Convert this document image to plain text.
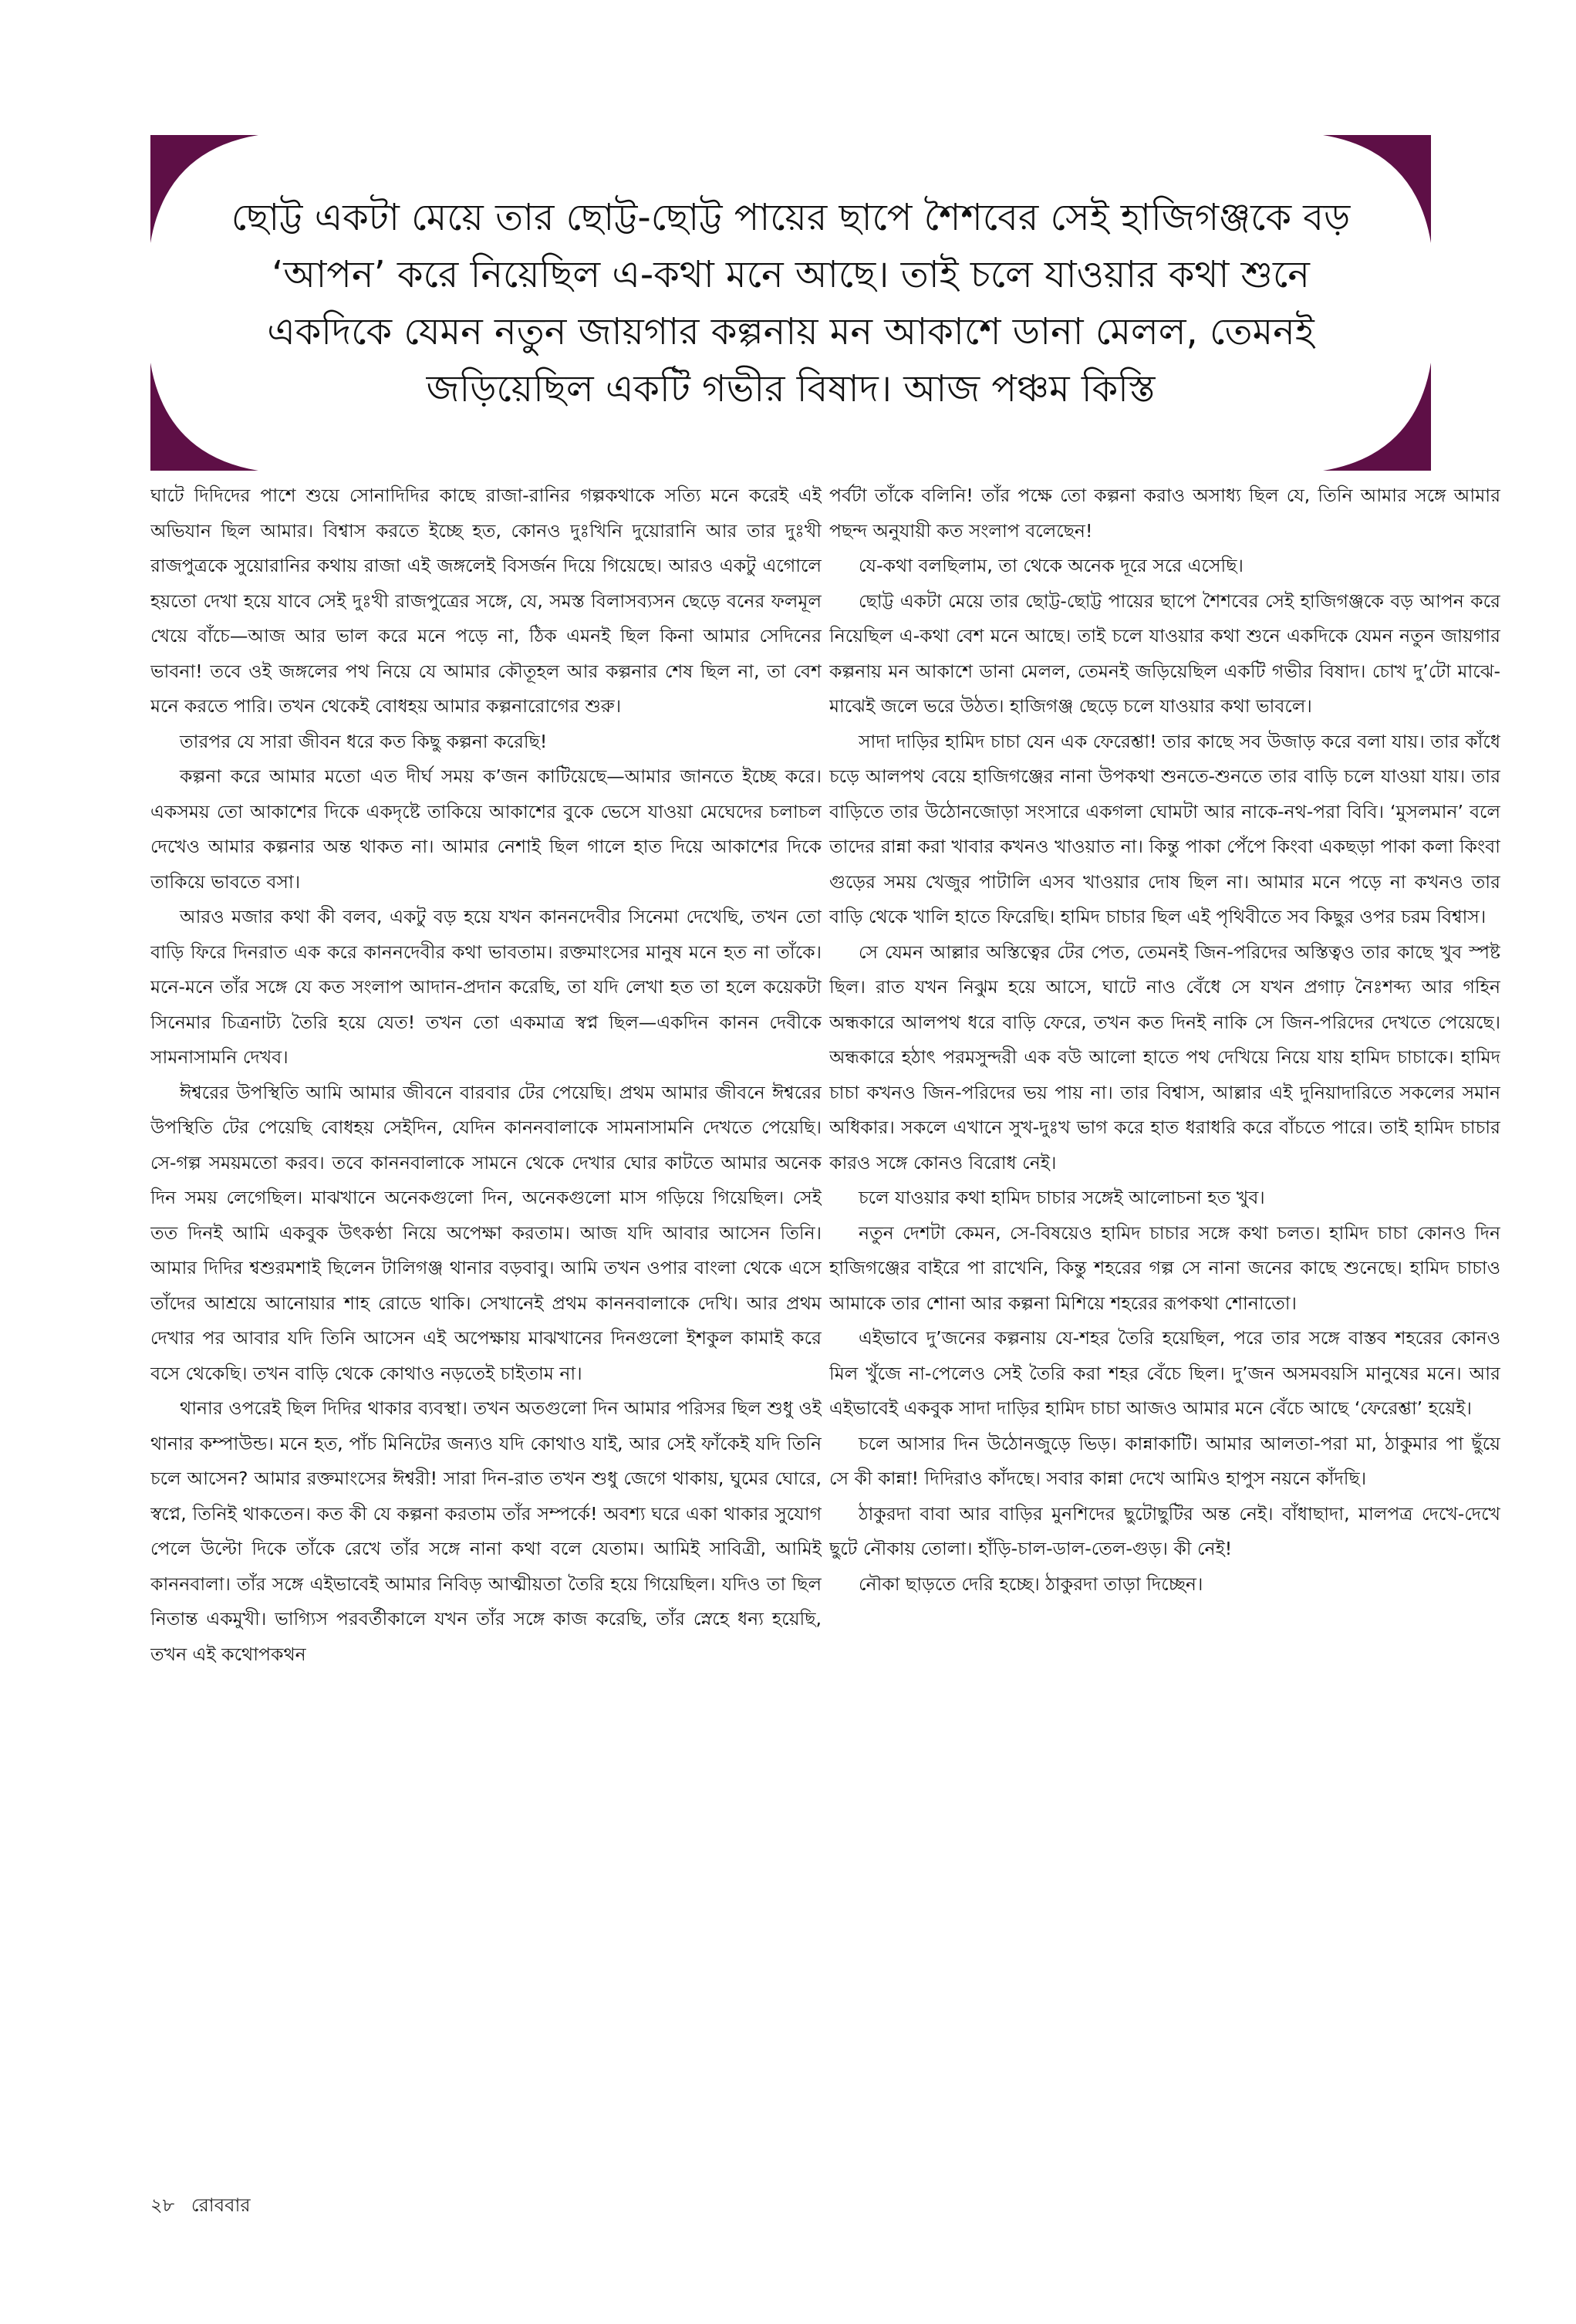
ছোট্ট একটা মেয়ে তার ছোট্ট-ছোট্ট পায়ের ছাপে শৈশবের সেই হাজিগঞ্জকে বড় ‘আপন’ করে নিয়েছিল এ-কথা মনে আছে। তাই চলে যাওয়ার কথা শুনে একদিকে যেমন নতুন জায়গার কল্পনায় মন আকাশে ডানা মেলল, তেমনই জড়িয়েছিল একটি গভীর বিষাদ। আজ পঞ্চম কিস্তি

ঘাটে দিদিদের পাশে শুয়ে সোনাদিদির কাছে রাজা-রানির গল্পকথাকে সত্যি মনে করেই এই অভিযান ছিল আমার। বিশ্বাস করতে ইচ্ছে হত, কোনও দুঃখিনি দুয়োরানি আর তার দুঃখী রাজপুত্রকে সুয়োরানির কথায় রাজা এই জঙ্গলেই বিসর্জন দিয়ে গিয়েছে। আরও একটু এগোলে হয়তো দেখা হয়ে যাবে সেই দুঃখী রাজপুত্রের সঙ্গে, যে, সমস্ত বিলাসব্যসন ছেড়ে বনের ফলমূল খেয়ে বাঁচে—আজ আর ভাল করে মনে পড়ে না, ঠিক এমনই ছিল কিনা আমার সেদিনের ভাবনা! তবে ওই জঙ্গলের পথ নিয়ে যে আমার কৌতূহল আর কল্পনার শেষ ছিল না, তা বেশ মনে করতে পারি। তখন থেকেই বোধহয় আমার কল্পনারোগের শুরু।

তারপর যে সারা জীবন ধরে কত কিছু কল্পনা করেছি!

কল্পনা করে আমার মতো এত দীর্ঘ সময় ক’জন কাটিয়েছে—আমার জানতে ইচ্ছে করে। একসময় তো আকাশের দিকে একদৃষ্টে তাকিয়ে আকাশের বুকে ভেসে যাওয়া মেঘেদের চলাচল দেখেও আমার কল্পনার অন্ত থাকত না। আমার নেশাই ছিল গালে হাত দিয়ে আকাশের দিকে তাকিয়ে ভাবতে বসা।

আরও মজার কথা কী বলব, একটু বড় হয়ে যখন কাননদেবীর সিনেমা দেখেছি, তখন তো বাড়ি ফিরে দিনরাত এক করে কাননদেবীর কথা ভাবতাম। রক্তমাংসের মানুষ মনে হত না তাঁকে। মনে-মনে তাঁর সঙ্গে যে কত সংলাপ আদান-প্রদান করেছি, তা যদি লেখা হত তা হলে কয়েকটা সিনেমার চিত্রনাট্য তৈরি হয়ে যেত! তখন তো একমাত্র স্বপ্ন ছিল—একদিন কানন দেবীকে সামনাসামনি দেখব।

ঈশ্বরের উপস্থিতি আমি আমার জীবনে বারবার টের পেয়েছি। প্রথম আমার জীবনে ঈশ্বরের উপস্থিতি টের পেয়েছি বোধহয় সেইদিন, যেদিন কাননবালাকে সামনাসামনি দেখতে পেয়েছি। সে-গল্প সময়মতো করব। তবে কাননবালাকে সামনে থেকে দেখার ঘোর কাটতে আমার অনেক দিন সময় লেগেছিল। মাঝখানে অনেকগুলো দিন, অনেকগুলো মাস গড়িয়ে গিয়েছিল। সেই তত দিনই আমি একবুক উৎকণ্ঠা নিয়ে অপেক্ষা করতাম। আজ যদি আবার আসেন তিনি। আমার দিদির শ্বশুরমশাই ছিলেন টালিগঞ্জ থানার বড়বাবু। আমি তখন ওপার বাংলা থেকে এসে তাঁদের আশ্রয়ে আনোয়ার শাহ রোডে থাকি। সেখানেই প্রথম কাননবালাকে দেখি। আর প্রথম দেখার পর আবার যদি তিনি আসেন এই অপেক্ষায় মাঝখানের দিনগুলো ইশকুল কামাই করে বসে থেকেছি। তখন বাড়ি থেকে কোথাও নড়তেই চাইতাম না।

থানার ওপরেই ছিল দিদির থাকার ব্যবস্থা। তখন অতগুলো দিন আমার পরিসর ছিল শুধু ওই থানার কম্পাউন্ড। মনে হত, পাঁচ মিনিটের জন্যও যদি কোথাও যাই, আর সেই ফাঁকেই যদি তিনি চলে আসেন? আমার রক্তমাংসের ঈশ্বরী! সারা দিন-রাত তখন শুধু জেগে থাকায়, ঘুমের ঘোরে, স্বপ্নে, তিনিই থাকতেন। কত কী যে কল্পনা করতাম তাঁর সম্পর্কে! অবশ্য ঘরে একা থাকার সুযোগ পেলে উল্টো দিকে তাঁকে রেখে তাঁর সঙ্গে নানা কথা বলে যেতাম। আমিই সাবিত্রী, আমিই কাননবালা। তাঁর সঙ্গে এইভাবেই আমার নিবিড় আত্মীয়তা তৈরি হয়ে গিয়েছিল। যদিও তা ছিল নিতান্ত একমুখী। ভাগ্যিস পরবর্তীকালে যখন তাঁর সঙ্গে কাজ করেছি, তাঁর স্নেহে ধন্য হয়েছি, তখন এই কথোপকথন

পর্বটা তাঁকে বলিনি! তাঁর পক্ষে তো কল্পনা করাও অসাধ্য ছিল যে, তিনি আমার সঙ্গে আমার পছন্দ অনুযায়ী কত সংলাপ বলেছেন!

যে-কথা বলছিলাম, তা থেকে অনেক দূরে সরে এসেছি।

ছোট্ট একটা মেয়ে তার ছোট্ট-ছোট্ট পায়ের ছাপে শৈশবের সেই হাজিগঞ্জকে বড় আপন করে নিয়েছিল এ-কথা বেশ মনে আছে। তাই চলে যাওয়ার কথা শুনে একদিকে যেমন নতুন জায়গার কল্পনায় মন আকাশে ডানা মেলল, তেমনই জড়িয়েছিল একটি গভীর বিষাদ। চোখ দু’টো মাঝে-মাঝেই জলে ভরে উঠত। হাজিগঞ্জ ছেড়ে চলে যাওয়ার কথা ভাবলে।

সাদা দাড়ির হামিদ চাচা যেন এক ফেরেশ্তা! তার কাছে সব উজাড় করে বলা যায়। তার কাঁধে চড়ে আলপথ বেয়ে হাজিগঞ্জের নানা উপকথা শুনতে-শুনতে তার বাড়ি চলে যাওয়া যায়। তার বাড়িতে তার উঠোনজোড়া সংসারে একগলা ঘোমটা আর নাকে-নথ-পরা বিবি। ‘মুসলমান’ বলে তাদের রান্না করা খাবার কখনও খাওয়াত না। কিন্তু পাকা পেঁপে কিংবা একছড়া পাকা কলা কিংবা গুড়ের সময় খেজুর পাটালি এসব খাওয়ার দোষ ছিল না। আমার মনে পড়ে না কখনও তার বাড়ি থেকে খালি হাতে ফিরেছি। হামিদ চাচার ছিল এই পৃথিবীতে সব কিছুর ওপর চরম বিশ্বাস।

সে যেমন আল্লার অস্তিত্বের টের পেত, তেমনই জিন-পরিদের অস্তিত্বও তার কাছে খুব স্পষ্ট ছিল। রাত যখন নিঝুম হয়ে আসে, ঘাটে নাও বেঁধে সে যখন প্রগাঢ় নৈঃশব্দ্য আর গহিন অন্ধকারে আলপথ ধরে বাড়ি ফেরে, তখন কত দিনই নাকি সে জিন-পরিদের দেখতে পেয়েছে। অন্ধকারে হঠাৎ পরমসুন্দরী এক বউ আলো হাতে পথ দেখিয়ে নিয়ে যায় হামিদ চাচাকে। হামিদ চাচা কখনও জিন-পরিদের ভয় পায় না। তার বিশ্বাস, আল্লার এই দুনিয়াদারিতে সকলের সমান অধিকার। সকলে এখানে সুখ-দুঃখ ভাগ করে হাত ধরাধরি করে বাঁচতে পারে। তাই হামিদ চাচার কারও সঙ্গে কোনও বিরোধ নেই।

চলে যাওয়ার কথা হামিদ চাচার সঙ্গেই আলোচনা হত খুব।

নতুন দেশটা কেমন, সে-বিষয়েও হামিদ চাচার সঙ্গে কথা চলত। হামিদ চাচা কোনও দিন হাজিগঞ্জের বাইরে পা রাখেনি, কিন্তু শহরের গল্প সে নানা জনের কাছে শুনেছে। হামিদ চাচাও আমাকে তার শোনা আর কল্পনা মিশিয়ে শহরের রূপকথা শোনাতো।

এইভাবে দু’জনের কল্পনায় যে-শহর তৈরি হয়েছিল, পরে তার সঙ্গে বাস্তব শহরের কোনও মিল খুঁজে না-পেলেও সেই তৈরি করা শহর বেঁচে ছিল। দু’জন অসমবয়সি মানুষের মনে। আর এইভাবেই একবুক সাদা দাড়ির হামিদ চাচা আজও আমার মনে বেঁচে আছে ‘ফেরেশ্তা’ হয়েই।

চলে আসার দিন উঠোনজুড়ে ভিড়। কান্নাকাটি। আমার আলতা-পরা মা, ঠাকুমার পা ছুঁয়ে সে কী কান্না! দিদিরাও কাঁদছে। সবার কান্না দেখে আমিও হাপুস নয়নে কাঁদছি।

ঠাকুরদা বাবা আর বাড়ির মুনশিদের ছুটোছুটির অন্ত নেই। বাঁধাছাদা, মালপত্র দেখে-দেখে ছুটে নৌকায় তোলা। হাঁড়ি-চাল-ডাল-তেল-গুড়। কী নেই!

নৌকা ছাড়তে দেরি হচ্ছে। ঠাকুরদা তাড়া দিচ্ছেন।

২৮ রোববার
